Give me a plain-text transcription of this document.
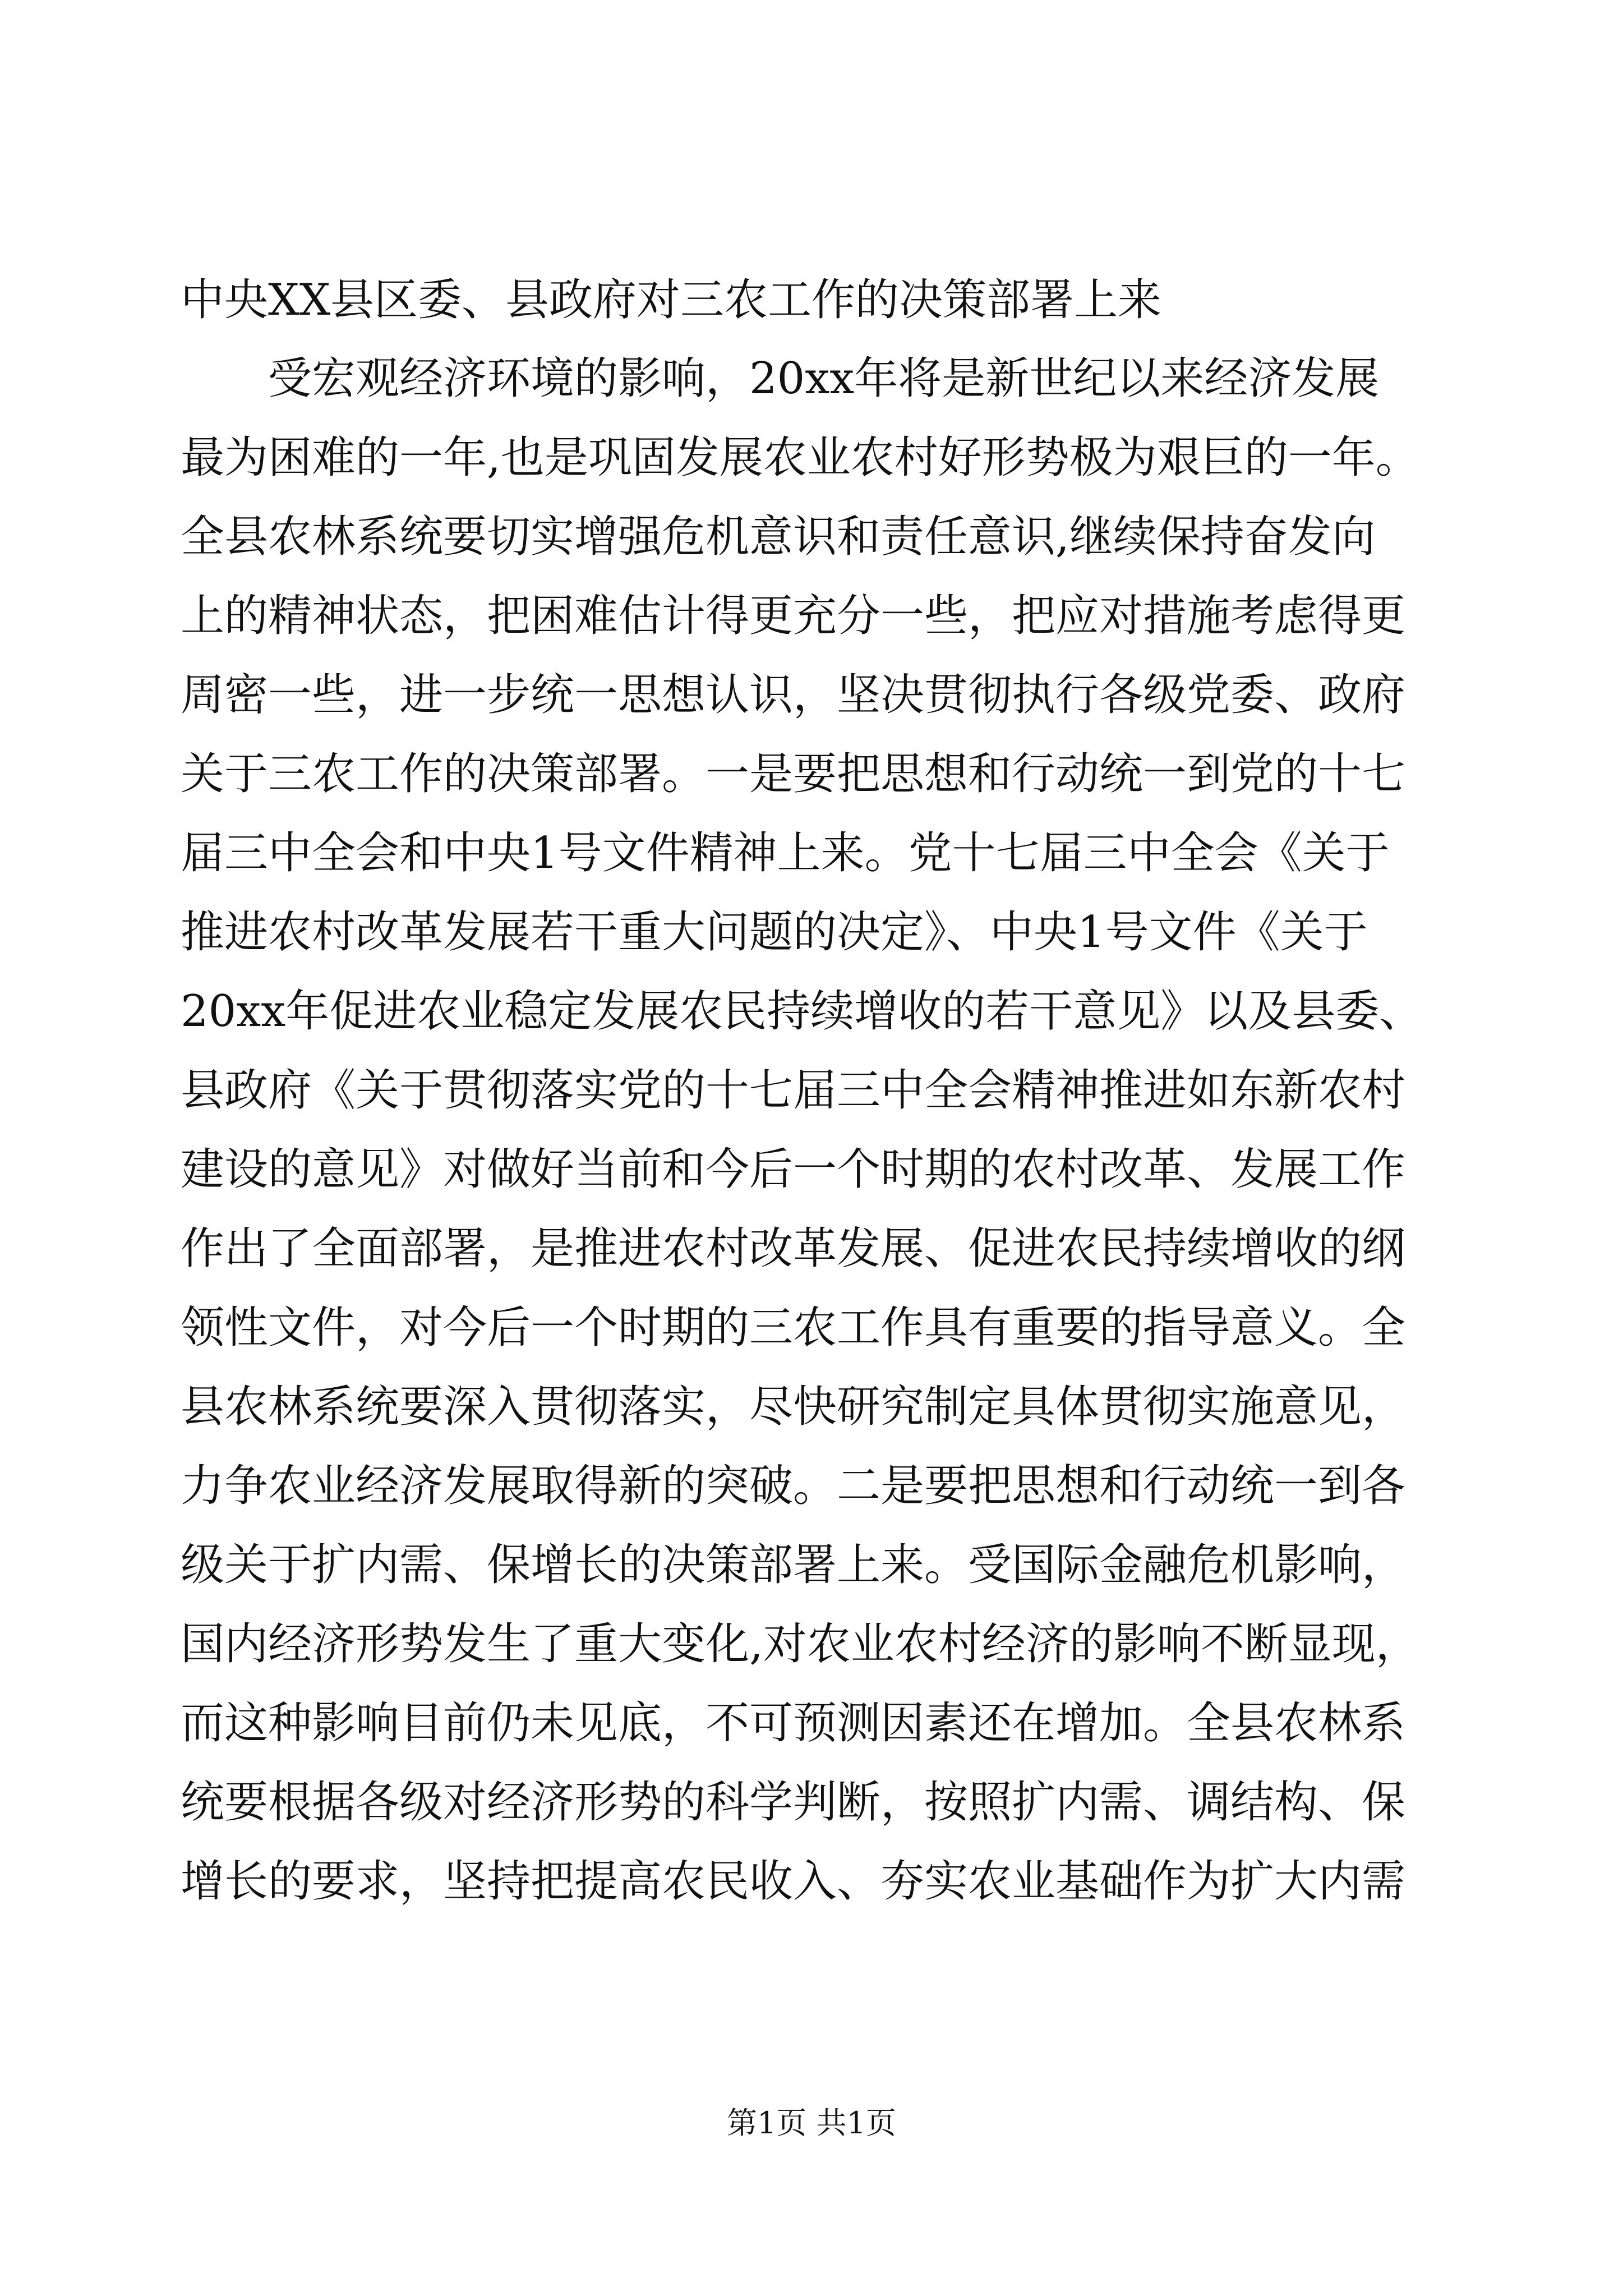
中央XX县区委、县政府对三农工作的决策部署上来
　　受宏观经济环境的影响，20xx年将是新世纪以来经济发展
最为困难的一年,也是巩固发展农业农村好形势极为艰巨的一年。
全县农林系统要切实增强危机意识和责任意识,继续保持奋发向
上的精神状态，把困难估计得更充分一些，把应对措施考虑得更
周密一些，进一步统一思想认识，坚决贯彻执行各级党委、政府
关于三农工作的决策部署。一是要把思想和行动统一到党的十七
届三中全会和中央1号文件精神上来。党十七届三中全会《关于
推进农村改革发展若干重大问题的决定》、中央1号文件《关于
20xx年促进农业稳定发展农民持续增收的若干意见》以及县委、
县政府《关于贯彻落实党的十七届三中全会精神推进如东新农村
建设的意见》对做好当前和今后一个时期的农村改革、发展工作
作出了全面部署，是推进农村改革发展、促进农民持续增收的纲
领性文件，对今后一个时期的三农工作具有重要的指导意义。全
县农林系统要深入贯彻落实，尽快研究制定具体贯彻实施意见，
力争农业经济发展取得新的突破。二是要把思想和行动统一到各
级关于扩内需、保增长的决策部署上来。受国际金融危机影响，
国内经济形势发生了重大变化,对农业农村经济的影响不断显现，
而这种影响目前仍未见底，不可预测因素还在增加。全县农林系
统要根据各级对经济形势的科学判断，按照扩内需、调结构、保
增长的要求，坚持把提高农民收入、夯实农业基础作为扩大内需
第1页 共1页
